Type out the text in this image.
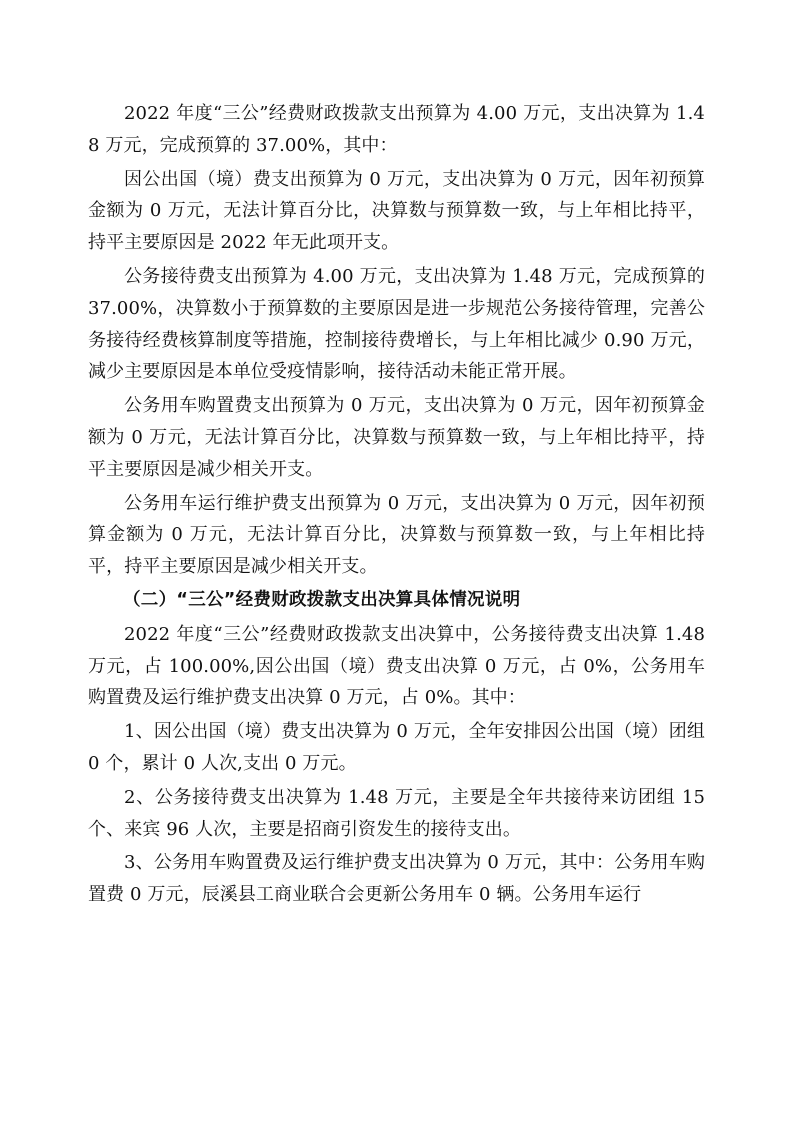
2022 年度“三公”经费财政拨款支出预算为 4.00 万元，支出决算为 1.48 万元，完成预算的 37.00%，其中：

因公出国（境）费支出预算为 0 万元，支出决算为 0 万元，因年初预算金额为 0 万元，无法计算百分比，决算数与预算数一致，与上年相比持平，持平主要原因是 2022 年无此项开支。

公务接待费支出预算为 4.00 万元，支出决算为 1.48 万元，完成预算的 37.00%，决算数小于预算数的主要原因是进一步规范公务接待管理，完善公务接待经费核算制度等措施，控制接待费增长，与上年相比减少 0.90 万元，减少主要原因是本单位受疫情影响，接待活动未能正常开展。

公务用车购置费支出预算为 0 万元，支出决算为 0 万元，因年初预算金额为 0 万元，无法计算百分比，决算数与预算数一致，与上年相比持平，持平主要原因是减少相关开支。

公务用车运行维护费支出预算为 0 万元，支出决算为 0 万元，因年初预算金额为 0 万元，无法计算百分比，决算数与预算数一致，与上年相比持平，持平主要原因是减少相关开支。

（二）“三公”经费财政拨款支出决算具体情况说明

2022 年度“三公”经费财政拨款支出决算中，公务接待费支出决算 1.48 万元，占 100.00%,因公出国（境）费支出决算 0 万元，占 0%，公务用车购置费及运行维护费支出决算 0 万元，占 0%。其中：

1、因公出国（境）费支出决算为 0 万元，全年安排因公出国（境）团组 0 个，累计 0 人次,支出 0 万元。

2、公务接待费支出决算为 1.48 万元，主要是全年共接待来访团组 15 个、来宾 96 人次，主要是招商引资发生的接待支出。

3、公务用车购置费及运行维护费支出决算为 0 万元，其中：公务用车购置费 0 万元，辰溪县工商业联合会更新公务用车 0 辆。公务用车运行
